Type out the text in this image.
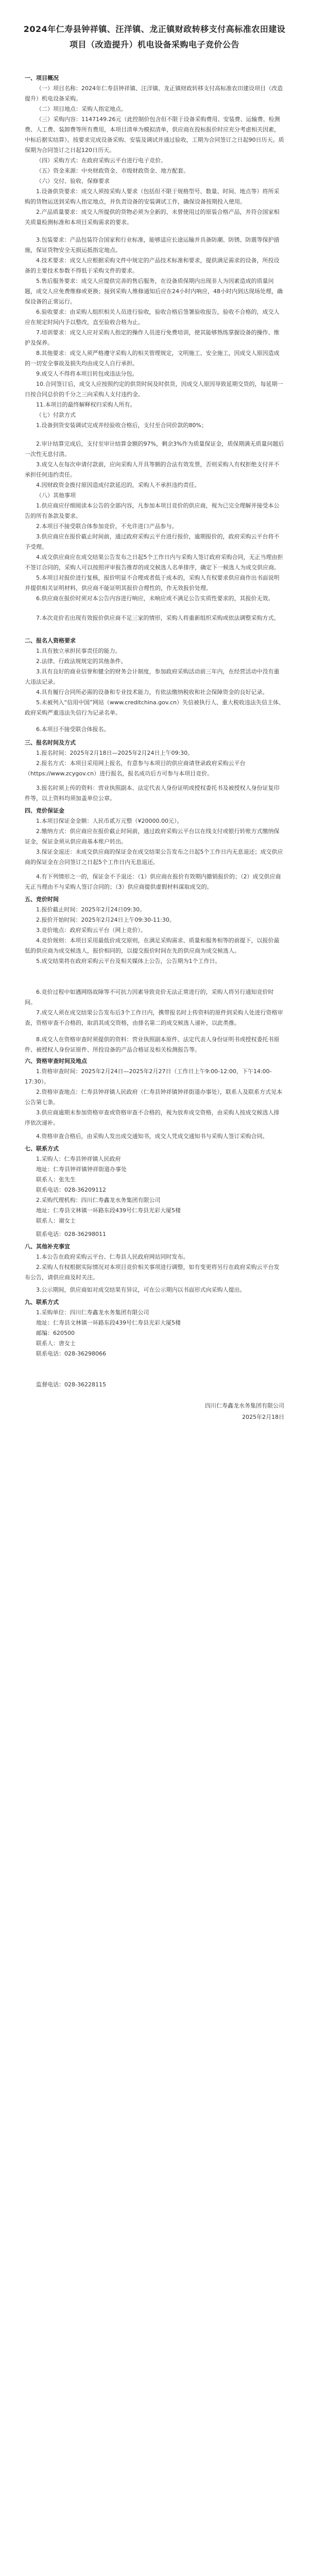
2024年仁寿县钟祥镇、汪洋镇、龙正镇财政转移支付高标准农田建设项目（改造提升）机电设备采购电子竞价公告
一、项目概况

（一）项目名称：2024年仁寿县钟祥镇、汪洋镇、龙正镇财政转移支付高标准农田建设项目（改造提升）机电设备采购。

（二）项目地点：采购人指定地点。

（三）采购内容：1147149.26元（此控制价包含但不限于设备采购费用、安装费、运输费、检测费、人工费、装卸费等所有费用，本项目清单为模拟清单，供应商在投标报价时应充分考虑相关因素，中标后据实结算）。按要求完成设备采购、安装及调试并通过验收，工期为合同签订之日起90日历天。质保期为合同签订之日起120日历天。

（四）采购方式：在政府采购云平台进行电子竞价。

（五）资金来源：中央财政资金、市级财政资金、地方配套。

（六）交付、验收、保修要求

1.设备供货要求：成交人须按采购人要求（包括但不限于规格型号、数量、时间、地点等）将所采购的货物运送到采购人指定地点，并负责设备的安装调试工作，确保设备按期投入使用。

2.产品质量要求：成交人所提供的货物必须为全新的、未曾使用过的原装合格产品，并符合国家相关质量检测标准和本项目采购需求的要求。

3.包装要求：产品包装符合国家和行业标准，能够适应长途运输并具备防潮、防锈、防震等保护措施，保证货物安全无损运抵指定地点。

4.技术要求：成交人应根据采购文件中规定的产品技术标准和要求，提供满足需求的设备，所投设备的主要技术参数不得低于采购文件的要求。

5.售后服务要求：成交人应提供完善的售后服务，在设备质保期内出现非人为因素造成的质量问题，成交人应免费维修或更换；接到采购人维修通知后应在24小时内响应，48小时内到达现场处理，确保设备的正常运行。

6.验收要求：由采购人组织相关人员进行验收，验收合格后签署验收报告，验收不合格的，成交人应在规定时间内予以整改，直至验收合格为止。

7.培训要求：成交人应对采购人指定的操作人员进行免费培训，使其能够熟练掌握设备的操作、维护及保养。

8.其他要求：成交人须严格遵守采购人的相关管理规定，文明施工、安全施工，因成交人原因造成的一切安全事故及损失均由成交人自行承担。

9.成交人不得将本项目转包或违法分包。

10.合同签订后，成交人应按照约定的供货时间及时供货，因成交人原因导致延期交货的，每延期一日按合同总价的千分之三向采购人支付违约金。

11.本项目的最终解释权归采购人所有。

（七）付款方式

1.设备到货安装调试完成并经验收合格后，支付至合同价款的80%；

2.审计结算完成后，支付至审计结算金额的97%，剩余3%作为质量保证金，质保期满无质量问题后一次性无息付清。

3.成交人在每次申请付款前，应向采购人开具等额的合法有效发票，否则采购人有权拒绝支付并不承担任何违约责任。

4.因财政资金拨付原因造成付款延迟的，采购人不承担违约责任。

（八）其他事项

1.供应商应仔细阅读本公告的全部内容，凡参加本项目竞价的供应商，视为已完全理解并接受本公告的所有条款及要求。

2.本项目不接受联合体参加竞价，不允许进口产品参与。

3.供应商应在报价截止时间前，通过政府采购云平台进行报价，逾期报价的，政府采购云平台将不予受理。

4.成交供应商应在成交结果公告发布之日起5个工作日内与采购人签订政府采购合同，无正当理由拒不签订合同的，采购人可以按照评审报告推荐的成交候选人名单排序，确定下一候选人为成交供应商。

5.本项目对报价进行复核，报价明显不合理或者低于成本的，采购人有权要求供应商作出书面说明并提供相关证明材料，供应商不能证明其报价合理性的，作无效报价处理。

6.供应商在报价时须对本公告内容进行响应，未响应或不满足公告实质性要求的，其报价无效。

7.本次竞价若出现有效报价供应商不足三家的情形，采购人将重新组织采购或依法调整采购方式。

二、报名人资格要求

1.具有独立承担民事责任的能力。

2.法律、行政法规规定的其他条件。

3.具有良好的商业信誉和健全的财务会计制度，参加政府采购活动前三年内，在经营活动中没有重大违法记录。

4.具有履行合同所必需的设备和专业技术能力，有依法缴纳税收和社会保障资金的良好记录。

5.未被列入“信用中国”网站（www.creditchina.gov.cn）失信被执行人、重大税收违法失信主体、政府采购严重违法失信行为记录名单。

6.本项目不接受联合体报名。

三、报名时间及方式

1.报名时间：2025年2月18日—2025年2月24日上午09:30。

2.报名方式：本项目采用网上报名，有意参与本项目的供应商请登录政府采购云平台（https://www.zcygov.cn）进行报名，报名成功后方可参与本项目竞价。

3.报名时须上传的资料：营业执照副本、法定代表人身份证明或授权委托书及被授权人身份证复印件等，以上资料均须加盖单位公章。

四、竞价保证金

1.本项目保证金金额：人民币贰万元整（¥20000.00元）。

2.缴纳方式：供应商应在报价截止时间前，通过政府采购云平台以在线支付或银行转账方式缴纳保证金，保证金须从供应商基本账户转出。

3.保证金退还：未成交供应商的保证金在成交结果公告发布之日起5个工作日内无息退还；成交供应商的保证金在合同签订之日起5个工作日内无息退还。

4.有下列情形之一的，保证金不予退还：（1）供应商在报价有效期内撤销报价的；（2）成交供应商无正当理由不与采购人签订合同的；（3）供应商提供虚假材料谋取成交的。

五、竞价时间

1.报价截止时间：2025年2月24日09:30。

2.报价开始时间：2025年2月24日上午09:30-11:30。

3.竞价地点：政府采购云平台（网上竞价）。

4.竞价规则：本项目采用最低价成交原则，在满足采购需求、质量和服务相等的前提下，以报价最低的供应商为成交候选人，报价相同的，以提交报价时间在先的供应商为成交候选人。

5.成交结果将在政府采购云平台及相关媒体上公告，公告期为1个工作日。

6.竞价过程中如遇网络故障等不可抗力因素导致竞价无法正常进行的，采购人将另行通知竞价时间。

7.成交人须在成交结果公告发布后3个工作日内，携带报名时上传资料的原件到采购人处进行资格审查，资格审查不合格的，取消其成交资格，由排名第二的成交候选人递补，以此类推。

8.成交人在资格审查时须提供的资料：营业执照副本原件、法定代表人身份证明书或授权委托书原件、被授权人身份证原件、所投设备的产品合格证及相关检测报告等。

六、资格审查时间及地点

1.资格审查时间：2025年2月24日—2025年2月27日（工作日上午9:00-12:00，下午14:00-17:30）。

2.资格审查地点：仁寿县钟祥镇人民政府（仁寿县钟祥镇钟祥街道办事处），联系人及联系方式见本公告第七条。

3.供应商逾期未参加资格审查或资格审查不合格的，视为放弃成交资格，由采购人按成交候选人排序依次递补。

4.资格审查合格后，由采购人发出成交通知书，成交人凭成交通知书与采购人签订采购合同。

七、联系方式

1.采购人：仁寿县钟祥镇人民政府

地址：仁寿县钟祥镇钟祥街道办事处

联系人：张先生

联系电话：028-36209112

2.采购代理机构：四川仁寿鑫龙水务集团有限公司

地址：仁寿县文林镇一环路东段439号仁寿县光彩大厦5楼

联系人：谢女士

联系电话：028-36298011

八、其他补充事宜

1.本公告在政府采购云平台、仁寿县人民政府网站同时发布。

2.采购人有权根据实际情况对本项目竞价相关事项进行调整，如有变更将另行在政府采购云平台发布公告，请供应商及时关注。

3.公示期间，供应商如对成交结果有异议，可在公示期内以书面形式向采购人提出。

九、联系方式

1.采购单位：四川仁寿鑫龙水务集团有限公司

地址：仁寿县文林镇一环路东段439号仁寿县光彩大厦5楼

邮编：620500

联系人：唐女士

联系电话：028-36298066

监督电话：028-36228115

四川仁寿鑫龙水务集团有限公司

2025年2月18日
